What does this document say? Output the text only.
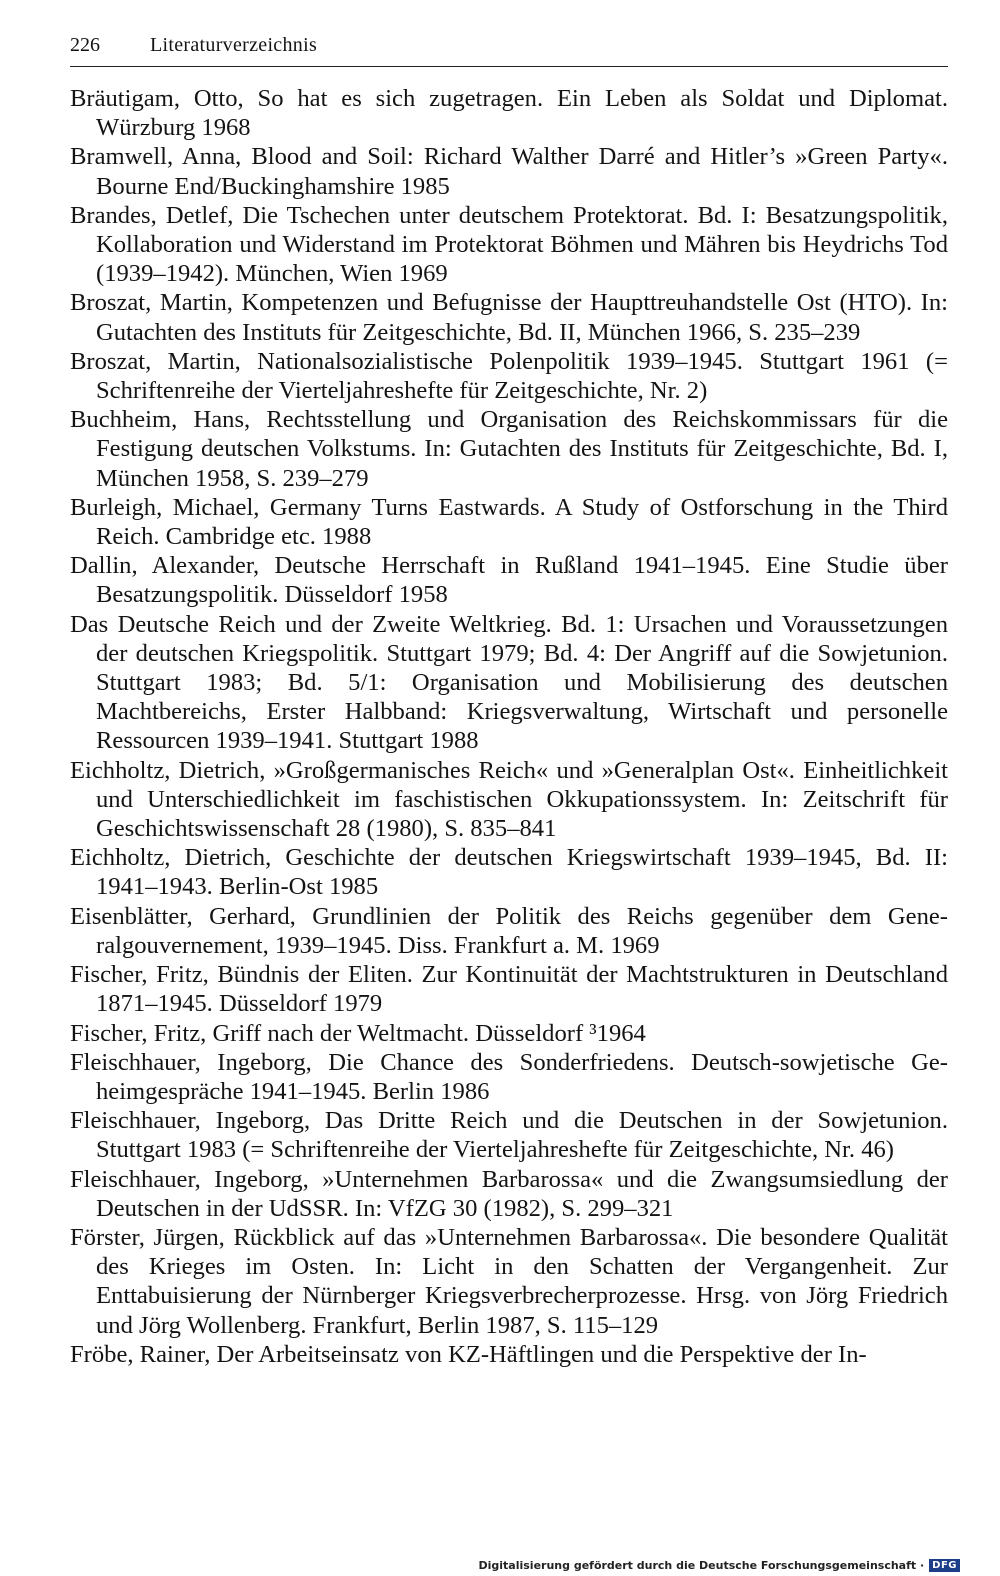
226	Literaturverzeichnis

Bräutigam, Otto, So hat es sich zugetragen. Ein Leben als Soldat und Diplomat. Würzburg 1968

Bramwell, Anna, Blood and Soil: Richard Walther Darré and Hitler’s »Green Party«. Bourne End/Buckinghamshire 1985

Brandes, Detlef, Die Tschechen unter deutschem Protektorat. Bd. I: Besatzungspolitik, Kollaboration und Widerstand im Protektorat Böhmen und Mähren bis Heydrichs Tod (1939–1942). München, Wien 1969

Broszat, Martin, Kompetenzen und Befugnisse der Haupttreuhandstelle Ost (HTO). In: Gutachten des Instituts für Zeitgeschichte, Bd. II, München 1966, S. 235–239

Broszat, Martin, Nationalsozialistische Polenpolitik 1939–1945. Stuttgart 1961 (= Schriftenreihe der Vierteljahreshefte für Zeitgeschichte, Nr. 2)

Buchheim, Hans, Rechtsstellung und Organisation des Reichskommissars für die Festigung deutschen Volkstums. In: Gutachten des Instituts für Zeitgeschichte, Bd. I, München 1958, S. 239–279

Burleigh, Michael, Germany Turns Eastwards. A Study of Ostforschung in the Third Reich. Cambridge etc. 1988

Dallin, Alexander, Deutsche Herrschaft in Rußland 1941–1945. Eine Studie über Besatzungspolitik. Düsseldorf 1958

Das Deutsche Reich und der Zweite Weltkrieg. Bd. 1: Ursachen und Voraussetzungen der deutschen Kriegspolitik. Stuttgart 1979; Bd. 4: Der Angriff auf die Sowjetunion. Stuttgart 1983; Bd. 5/1: Organisation und Mobilisierung des deutschen Machtbereichs, Erster Halbband: Kriegsverwaltung, Wirtschaft und personelle Ressourcen 1939–1941. Stuttgart 1988

Eichholtz, Dietrich, »Großgermanisches Reich« und »Generalplan Ost«. Einheitlichkeit und Unterschiedlichkeit im faschistischen Okkupationssystem. In: Zeitschrift für Geschichtswissenschaft 28 (1980), S. 835–841

Eichholtz, Dietrich, Geschichte der deutschen Kriegswirtschaft 1939–1945, Bd. II: 1941–1943. Berlin-Ost 1985

Eisenblätter, Gerhard, Grundlinien der Politik des Reichs gegenüber dem Generalgouvernement, 1939–1945. Diss. Frankfurt a. M. 1969

Fischer, Fritz, Bündnis der Eliten. Zur Kontinuität der Machtstrukturen in Deutschland 1871–1945. Düsseldorf 1979

Fischer, Fritz, Griff nach der Weltmacht. Düsseldorf ³1964

Fleischhauer, Ingeborg, Die Chance des Sonderfriedens. Deutsch-sowjetische Geheimgespräche 1941–1945. Berlin 1986

Fleischhauer, Ingeborg, Das Dritte Reich und die Deutschen in der Sowjetunion. Stuttgart 1983 (= Schriftenreihe der Vierteljahreshefte für Zeitgeschichte, Nr. 46)

Fleischhauer, Ingeborg, »Unternehmen Barbarossa« und die Zwangsumsiedlung der Deutschen in der UdSSR. In: VfZG 30 (1982), S. 299–321

Förster, Jürgen, Rückblick auf das »Unternehmen Barbarossa«. Die besondere Qualität des Krieges im Osten. In: Licht in den Schatten der Vergangenheit. Zur Enttabuisierung der Nürnberger Kriegsverbrecherprozesse. Hrsg. von Jörg Friedrich und Jörg Wollenberg. Frankfurt, Berlin 1987, S. 115–129

Fröbe, Rainer, Der Arbeitseinsatz von KZ-Häftlingen und die Perspektive der In-

Digitalisierung gefördert durch die Deutsche Forschungsgemeinschaft · DFG
